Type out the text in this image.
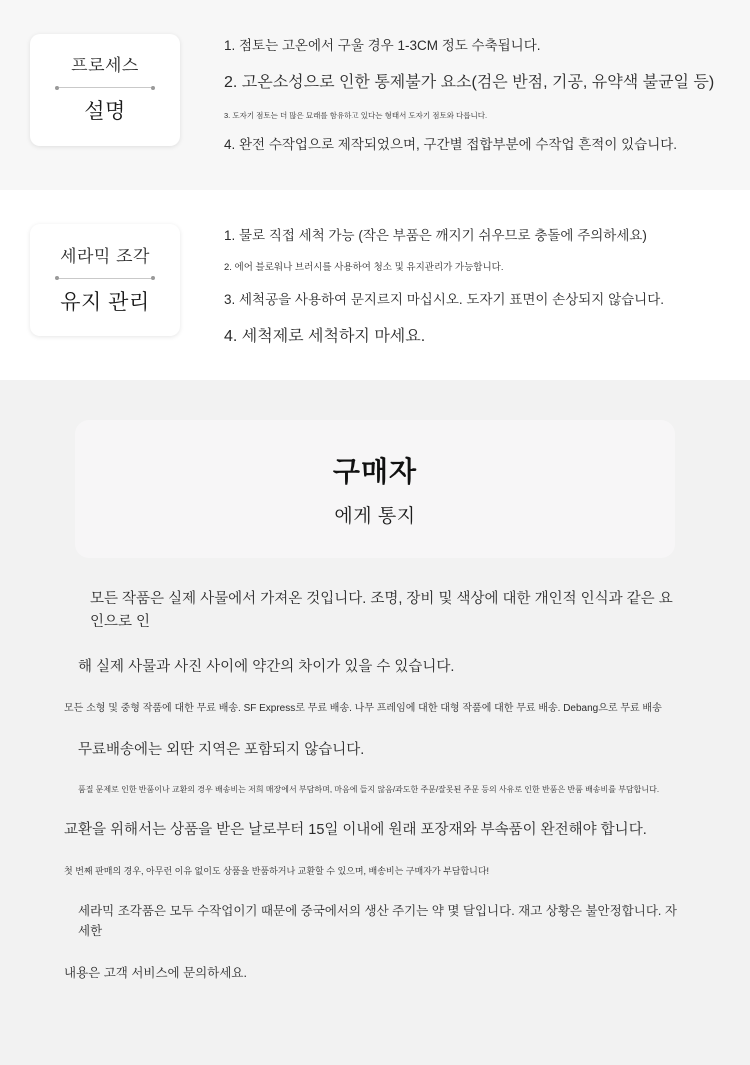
프로세스
설명
1. 점토는 고온에서 구울 경우 1-3CM 정도 수축됩니다.
2. 고온소성으로 인한 통제불가 요소(검은 반점, 기공, 유약색 불균일 등)
3. 도자기 점토는 더 많은 묘래를 함유하고 있다는 형태서 도자기 점토와 다릅니다.
4. 완전 수작업으로 제작되었으며, 구간별 접합부분에 수작업 흔적이 있습니다.
세라믹 조각
유지 관리
1. 물로 직접 세척 가능 (작은 부품은 깨지기 쉬우므로 충돌에 주의하세요)
2. 에어 블로워나 브러시를 사용하여 청소 및 유지관리가 가능합니다.
3. 세척공을 사용하여 문지르지 마십시오. 도자기 표면이 손상되지 않습니다.
4. 세척제로 세척하지 마세요.
구매자
에게 통지

모든 작품은 실제 사물에서 가져온 것입니다. 조명, 장비 및 색상에 대한 개인적 인식과 같은 요인으로 인

해 실제 사물과 사진 사이에 약간의 차이가 있을 수 있습니다.

모든 소형 및 중형 작품에 대한 무료 배송. SF Express로 무료 배송. 나무 프레임에 대한 대형 작품에 대한 무료 배송. Debang으로 무료 배송

무료배송에는 외딴 지역은 포함되지 않습니다.

품질 문제로 인한 반품이나 교환의 경우 배송비는 저희 매장에서 부담하며, 마음에 들지 않음/과도한 주문/잘못된 주문 등의 사유로 인한 반품은 반품 배송비를 부담합니다.

교환을 위해서는 상품을 받은 날로부터 15일 이내에 원래 포장재와 부속품이 완전해야 합니다.

첫 번째 판매의 경우, 아무런 이유 없이도 상품을 반품하거나 교환할 수 있으며, 배송비는 구매자가 부담합니다!

세라믹 조각품은 모두 수작업이기 때문에 중국에서의 생산 주기는 약 몇 달입니다. 재고 상황은 불안정합니다. 자세한

내용은 고객 서비스에 문의하세요.
